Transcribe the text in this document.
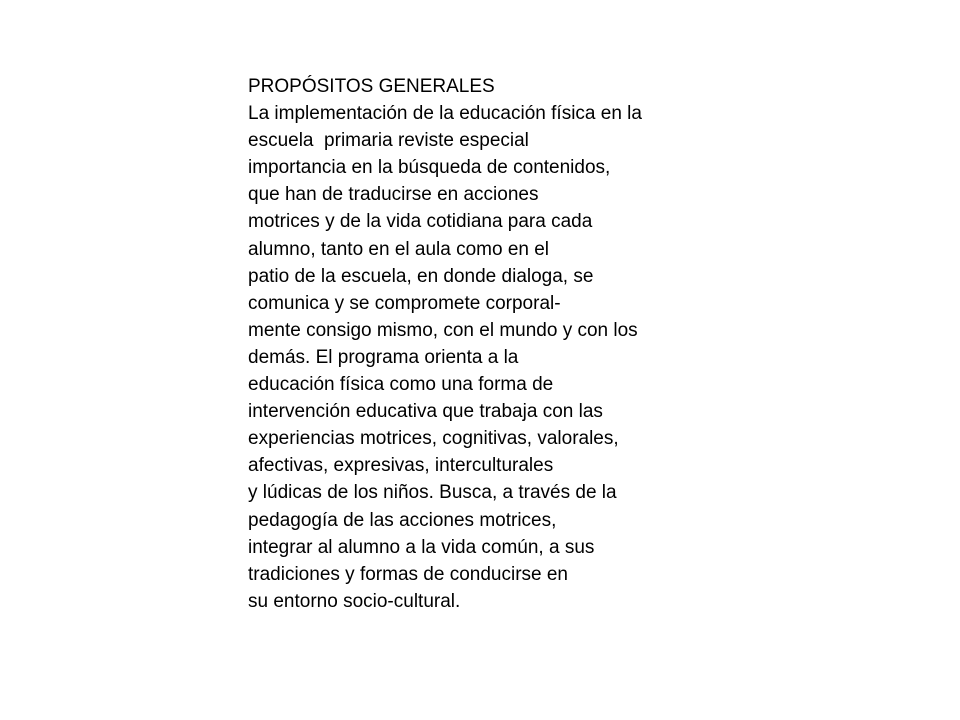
PROPÓSITOS GENERALES
La implementación de la educación física en la
escuela  primaria reviste especial
importancia en la búsqueda de contenidos,
que han de traducirse en acciones
motrices y de la vida cotidiana para cada
alumno, tanto en el aula como en el
patio de la escuela, en donde dialoga, se
comunica y se compromete corporal-
mente consigo mismo, con el mundo y con los
demás. El programa orienta a la
educación física como una forma de
intervención educativa que trabaja con las
experiencias motrices, cognitivas, valorales,
afectivas, expresivas, interculturales
y lúdicas de los niños. Busca, a través de la
pedagogía de las acciones motrices,
integrar al alumno a la vida común, a sus
tradiciones y formas de conducirse en
su entorno socio-cultural.
